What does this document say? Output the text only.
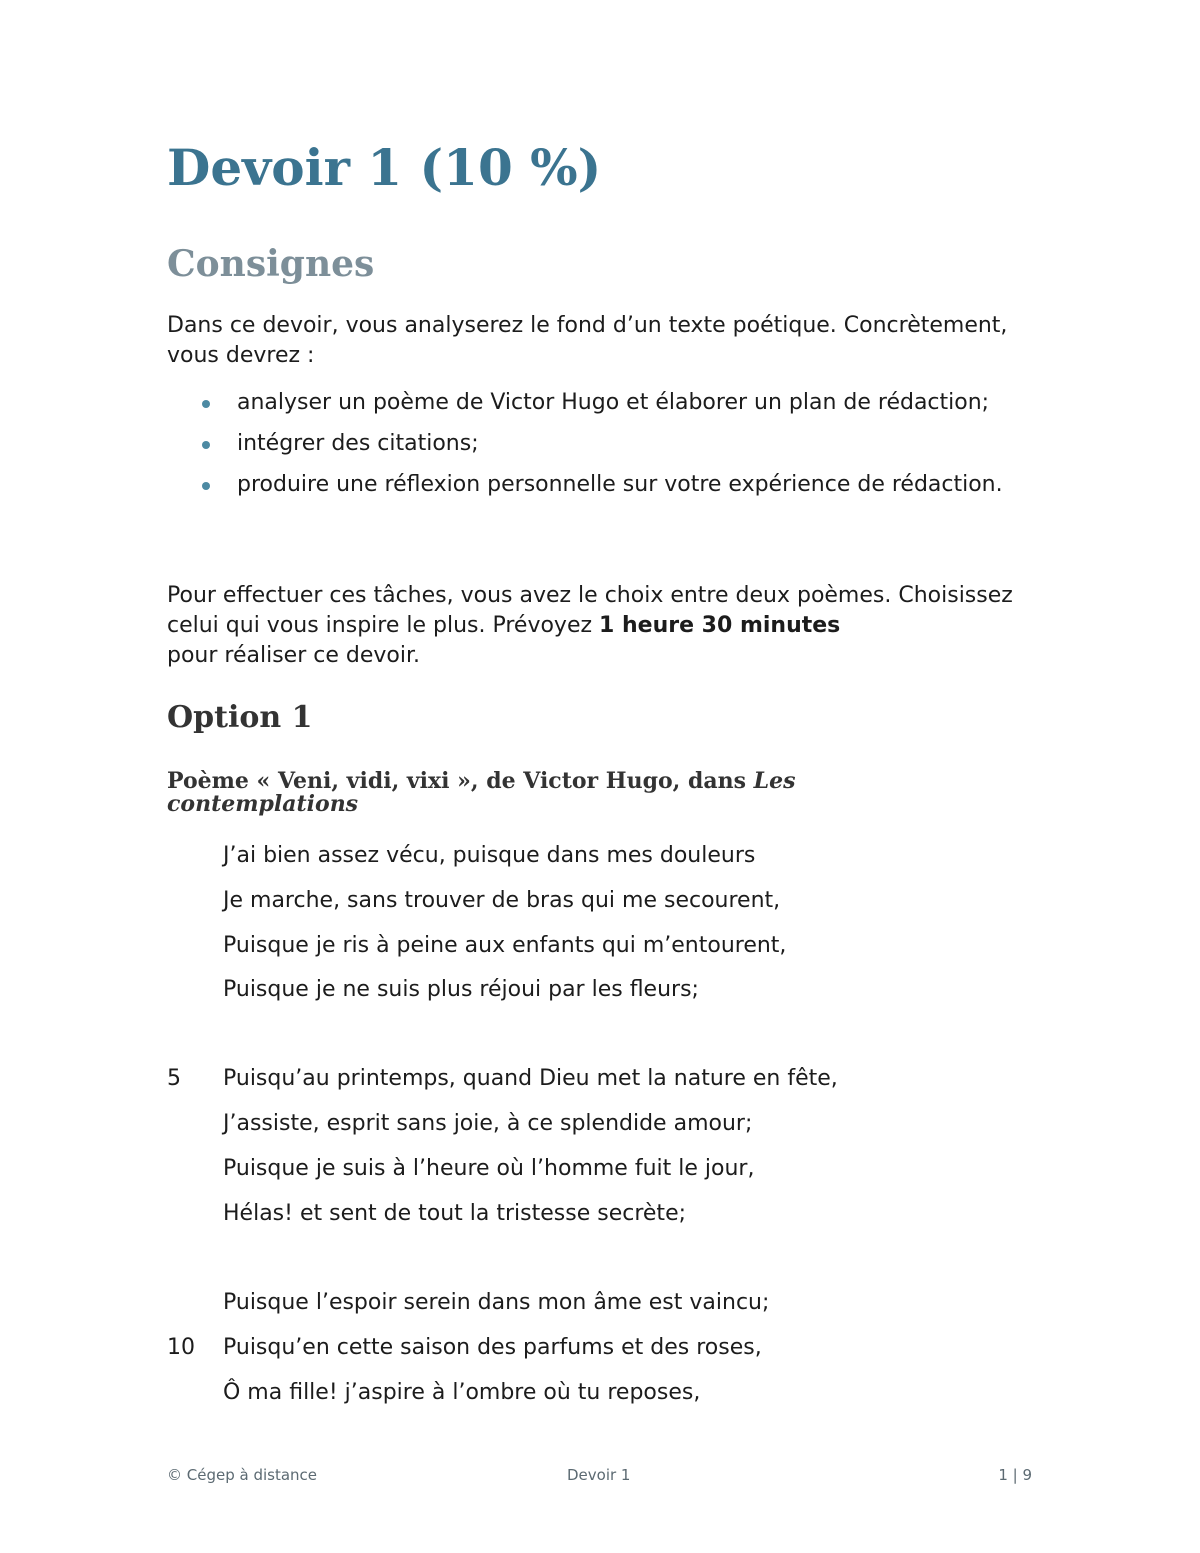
Devoir 1 (10 %)
Consignes

Dans ce devoir, vous analyserez le fond d’un texte poétique. Concrètement, vous devrez :

analyser un poème de Victor Hugo et élaborer un plan de rédaction;
intégrer des citations;
produire une réflexion personnelle sur votre expérience de rédaction.

Pour effectuer ces tâches, vous avez le choix entre deux poèmes. Choisissez celui qui vous inspire le plus. Prévoyez 1 heure 30 minutes
pour réaliser ce devoir.

Option 1
Poème « Veni, vidi, vixi », de Victor Hugo, dans Les contemplations
J’ai bien assez vécu, puisque dans mes douleurs
Je marche, sans trouver de bras qui me secourent,
Puisque je ris à peine aux enfants qui m’entourent,
Puisque je ne suis plus réjoui par les fleurs;
5 Puisqu’au printemps, quand Dieu met la nature en fête,
J’assiste, esprit sans joie, à ce splendide amour;
Puisque je suis à l’heure où l’homme fuit le jour,
Hélas! et sent de tout la tristesse secrète;
Puisque l’espoir serein dans mon âme est vaincu;
10 Puisqu’en cette saison des parfums et des roses,
Ô ma fille! j’aspire à l’ombre où tu reposes,
© Cégep à distance	Devoir 1	1 | 9
